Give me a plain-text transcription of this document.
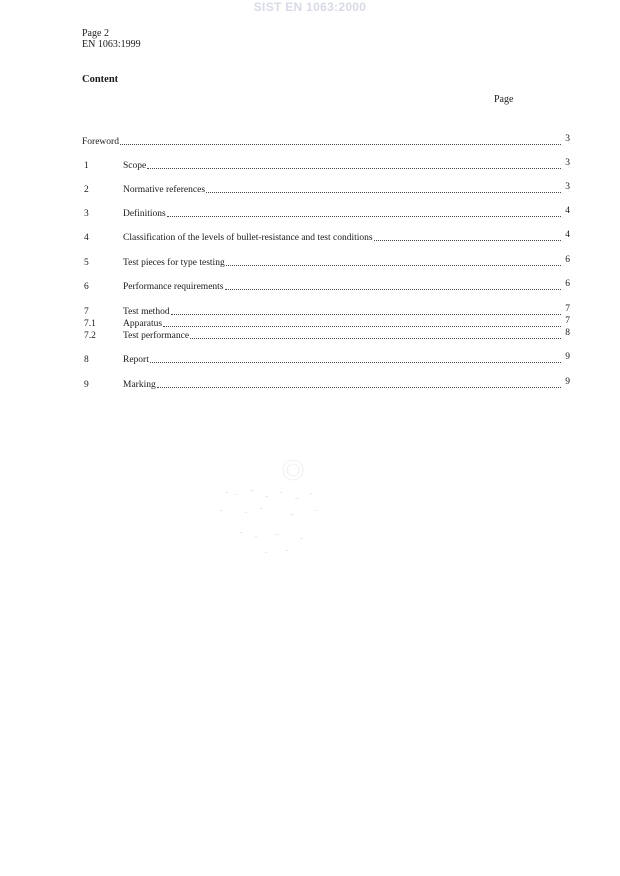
SIST EN 1063:2000
Page 2
EN 1063:1999
Content
Page
Foreword	3
1	Scope	3
2	Normative references	3
3	Definitions	4
4	Classification of the levels of bullet-resistance and test conditions	4
5	Test pieces for type testing	6
6	Performance requirements	6
7	Test method	7
7.1	Apparatus	7
7.2	Test performance	8
8	Report	9
9	Marking	9
